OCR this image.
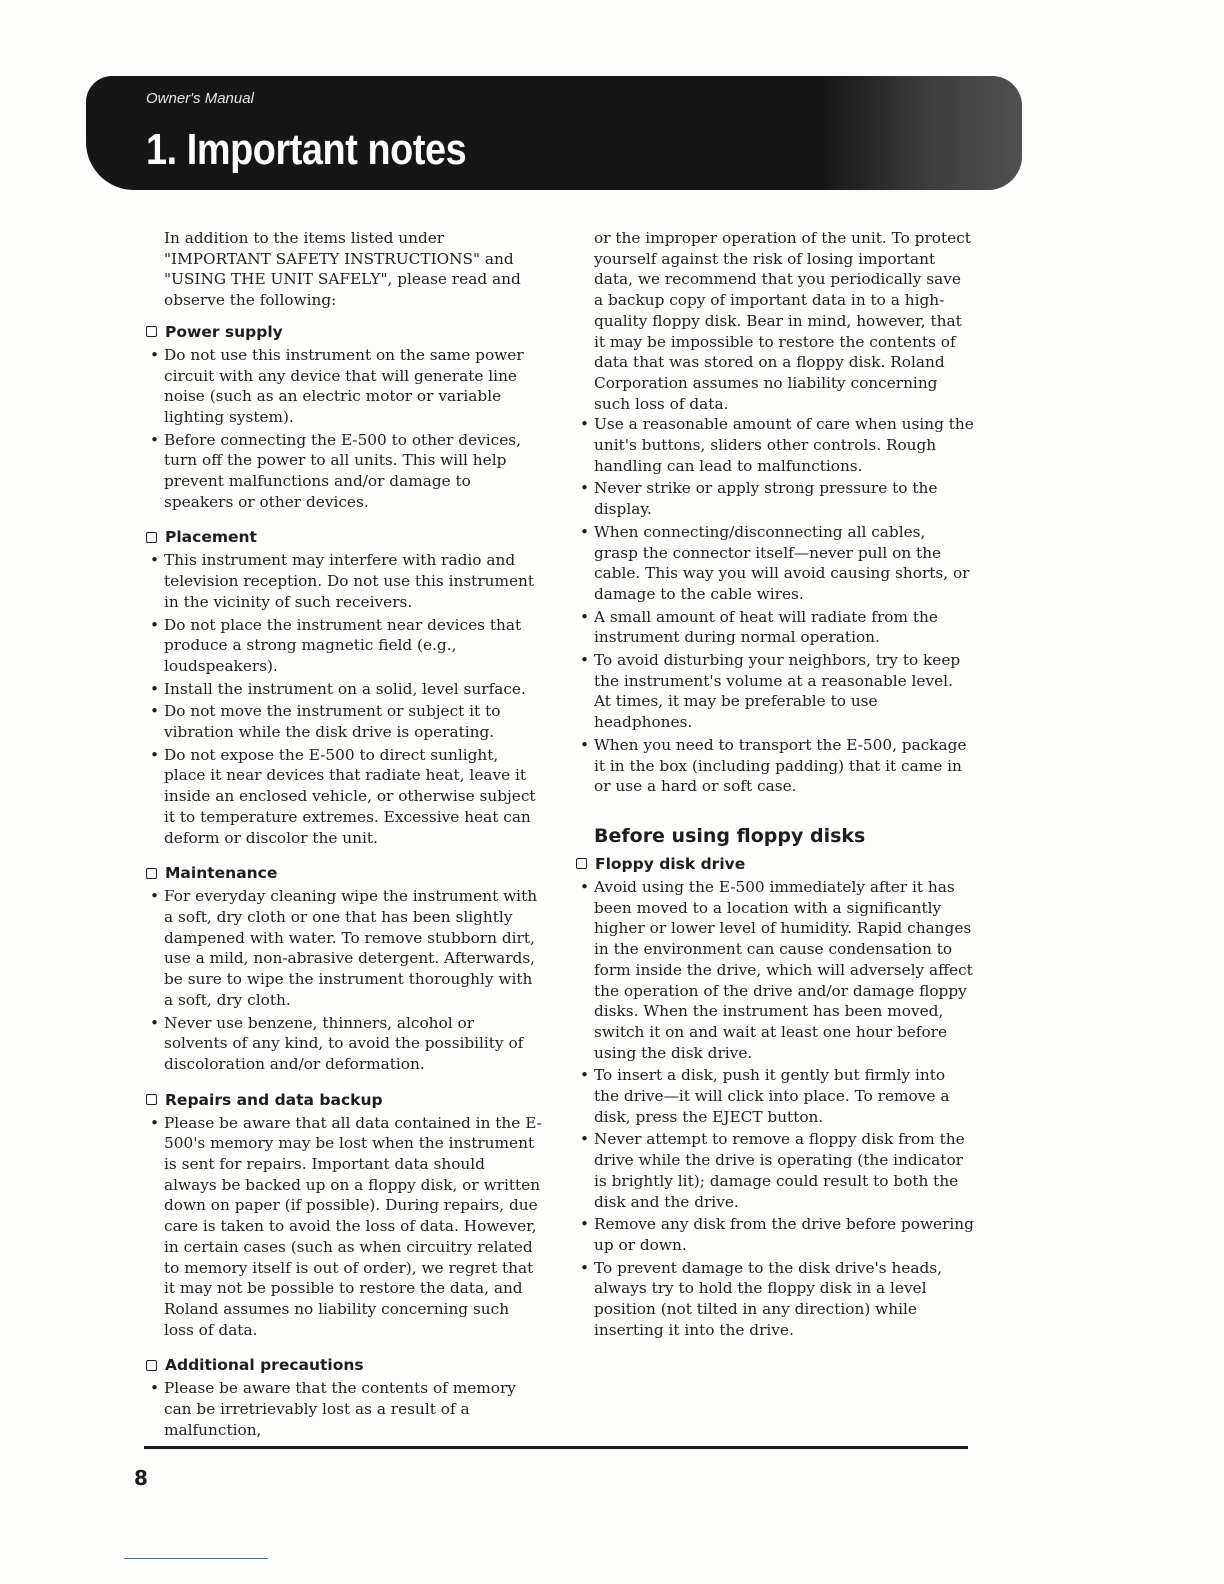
Owner's Manual
1. Important notes

In addition to the items listed under "IMPORTANT SAFETY INSTRUCTIONS" and "USING THE UNIT SAFELY", please read and observe the following:

Power supply
• Do not use this instrument on the same power circuit with any device that will generate line noise (such as an electric motor or variable lighting system).
• Before connecting the E-500 to other devices, turn off the power to all units. This will help prevent malfunctions and/or damage to speakers or other devices.
Placement
• This instrument may interfere with radio and television reception. Do not use this instrument in the vicinity of such receivers.
• Do not place the instrument near devices that produce a strong magnetic field (e.g., loudspeakers).
• Install the instrument on a solid, level surface.
• Do not move the instrument or subject it to vibration while the disk drive is operating.
• Do not expose the E-500 to direct sunlight, place it near devices that radiate heat, leave it inside an enclosed vehicle, or otherwise subject it to temperature extremes. Excessive heat can deform or discolor the unit.
Maintenance
• For everyday cleaning wipe the instrument with a soft, dry cloth or one that has been slightly dampened with water. To remove stubborn dirt, use a mild, non-abrasive detergent. Afterwards, be sure to wipe the instrument thoroughly with a soft, dry cloth.
• Never use benzene, thinners, alcohol or solvents of any kind, to avoid the possibility of discoloration and/or deformation.
Repairs and data backup
• Please be aware that all data contained in the E-500's memory may be lost when the instrument is sent for repairs. Important data should always be backed up on a floppy disk, or written down on paper (if possible). During repairs, due care is taken to avoid the loss of data. However, in certain cases (such as when circuitry related to memory itself is out of order), we regret that it may not be possible to restore the data, and Roland assumes no liability concerning such loss of data.
Additional precautions
• Please be aware that the contents of memory can be irretrievably lost as a result of a malfunction,

or the improper operation of the unit. To protect yourself against the risk of losing important data, we recommend that you periodically save a backup copy of important data in to a high-quality floppy disk. Bear in mind, however, that it may be impossible to restore the contents of data that was stored on a floppy disk. Roland Corporation assumes no liability concerning such loss of data.

• Use a reasonable amount of care when using the unit's buttons, sliders other controls. Rough handling can lead to malfunctions.
• Never strike or apply strong pressure to the display.
• When connecting/disconnecting all cables, grasp the connector itself—never pull on the cable. This way you will avoid causing shorts, or damage to the cable wires.
• A small amount of heat will radiate from the instrument during normal operation.
• To avoid disturbing your neighbors, try to keep the instrument's volume at a reasonable level. At times, it may be preferable to use headphones.
• When you need to transport the E-500, package it in the box (including padding) that it came in or use a hard or soft case.
Before using floppy disks
Floppy disk drive
• Avoid using the E-500 immediately after it has been moved to a location with a significantly higher or lower level of humidity. Rapid changes in the environment can cause condensation to form inside the drive, which will adversely affect the operation of the drive and/or damage floppy disks. When the instrument has been moved, switch it on and wait at least one hour before using the disk drive.
• To insert a disk, push it gently but firmly into the drive—it will click into place. To remove a disk, press the EJECT button.
• Never attempt to remove a floppy disk from the drive while the drive is operating (the indicator is brightly lit); damage could result to both the disk and the drive.
• Remove any disk from the drive before powering up or down.
• To prevent damage to the disk drive's heads, always try to hold the floppy disk in a level position (not tilted in any direction) while inserting it into the drive.
8
